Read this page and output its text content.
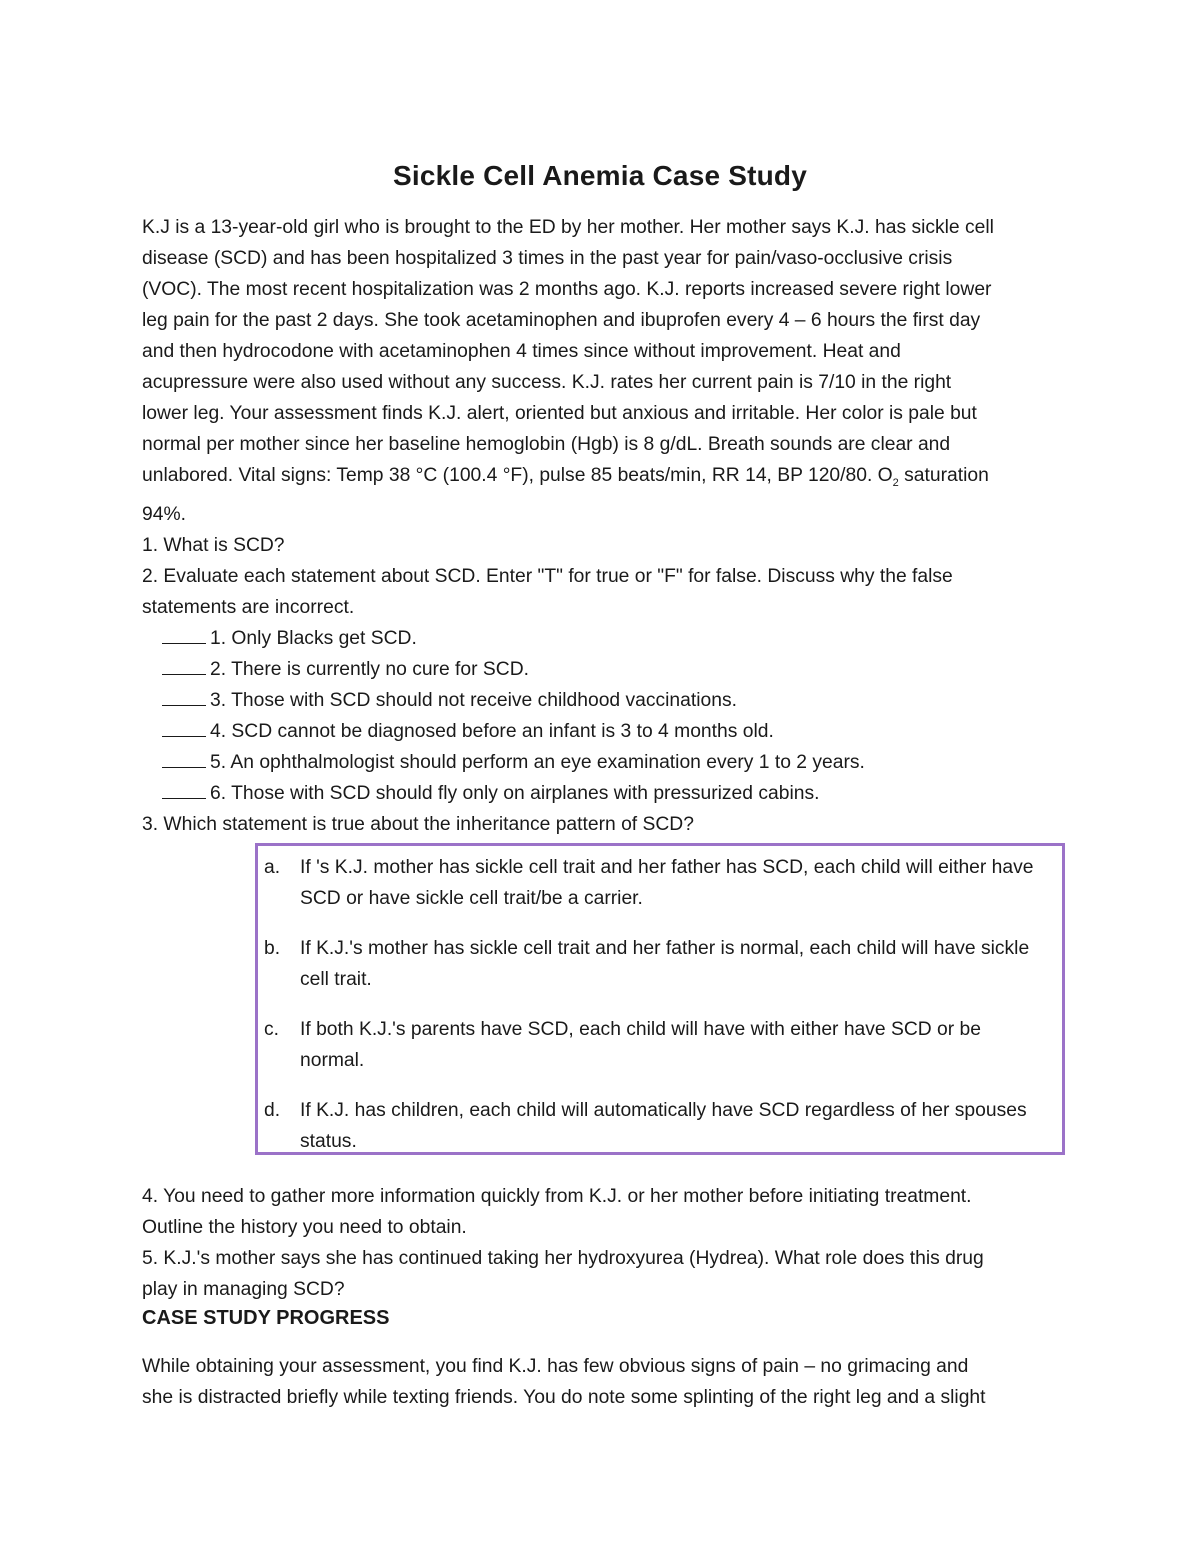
Sickle Cell Anemia Case Study

K.J is a 13-year-old girl who is brought to the ED by her mother. Her mother says K.J. has sickle cell

disease (SCD) and has been hospitalized 3 times in the past year for pain/vaso-occlusive crisis

(VOC). The most recent hospitalization was 2 months ago. K.J. reports increased severe right lower

leg pain for the past 2 days. She took acetaminophen and ibuprofen every 4 – 6 hours the first day

and then hydrocodone with acetaminophen 4 times since without improvement. Heat and

acupressure were also used without any success. K.J. rates her current pain is 7/10 in the right

lower leg. Your assessment finds K.J. alert, oriented but anxious and irritable. Her color is pale but

normal per mother since her baseline hemoglobin (Hgb) is 8 g/dL. Breath sounds are clear and

unlabored. Vital signs: Temp 38 °C (100.4 °F), pulse 85 beats/min, RR 14, BP 120/80. $O_2$ saturation

94%.

1. What is SCD?

2. Evaluate each statement about SCD. Enter "T" for true or "F" for false. Discuss why the false

statements are incorrect.

1. Only Blacks get SCD.
2. There is currently no cure for SCD.
3. Those with SCD should not receive childhood vaccinations.
4. SCD cannot be diagnosed before an infant is 3 to 4 months old.
5. An ophthalmologist should perform an eye examination every 1 to 2 years.
6. Those with SCD should fly only on airplanes with pressurized cabins.

3. Which statement is true about the inheritance pattern of SCD?

a. If 's K.J. mother has sickle cell trait and her father has SCD, each child will either have SCD or have sickle cell trait/be a carrier.
b. If K.J.'s mother has sickle cell trait and her father is normal, each child will have sickle cell trait.
c. If both K.J.'s parents have SCD, each child will have with either have SCD or be normal.
d. If K.J. has children, each child will automatically have SCD regardless of her spouses status.

4. You need to gather more information quickly from K.J. or her mother before initiating treatment.

Outline the history you need to obtain.

5. K.J.'s mother says she has continued taking her hydroxyurea (Hydrea). What role does this drug

play in managing SCD?

CASE STUDY PROGRESS

While obtaining your assessment, you find K.J. has few obvious signs of pain – no grimacing and

she is distracted briefly while texting friends. You do note some splinting of the right leg and a slight
